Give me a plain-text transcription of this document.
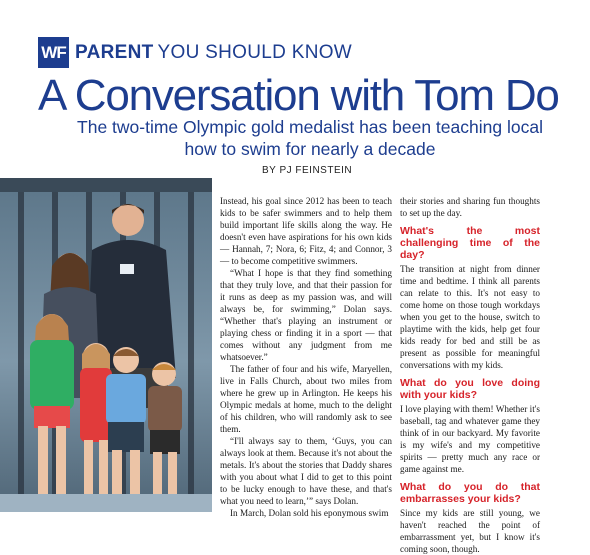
WF PARENT YOU SHOULD KNOW
A Conversation with Tom Do
The two-time Olympic gold medalist has been teaching local
how to swim for nearly a decade
BY PJ FEINSTEIN

Instead, his goal since 2012 has been to teach kids to be safer swimmers and to help them build important life skills along the way. He doesn't even have aspirations for his own kids — Hannah, 7; Nora, 6; Fitz, 4; and Connor, 3 — to become competitive swimmers.

“What I hope is that they find something that they truly love, and that their passion for it runs as deep as my passion was, and will always be, for swimming,” Dolan says. “Whether that's playing an instrument or playing chess or finding it in a sport — that comes without any judgment from me whatsoever.”

The father of four and his wife, Maryellen, live in Falls Church, about two miles from where he grew up in Arlington. He keeps his Olympic medals at home, much to the delight of his children, who will randomly ask to see them.

“I'll always say to them, ‘Guys, you can always look at them. Because it's not about the metals. It's about the stories that Daddy shares with you about what I did to get to this point to be lucky enough to have these, and that's what you need to learn,’” says Dolan.

In March, Dolan sold his eponymous swim

their stories and sharing fun thoughts to set up the day.

What's the most challenging time of the day?

The transition at night from dinner time and bedtime. I think all parents can relate to this. It's not easy to come home on those tough workdays when you get to the house, switch to playtime with the kids, help get four kids ready for bed and still be as present as possible for meaningful conversations with my kids.

What do you love doing with your kids?

I love playing with them! Whether it's baseball, tag and whatever game they think of in our backyard. My favorite is my wife's and my competitive spirits — pretty much any race or game against me.

What do you do that embarrasses your kids?

Since my kids are still young, we haven't reached the point of embarrassment yet, but I know it's coming soon, though.
